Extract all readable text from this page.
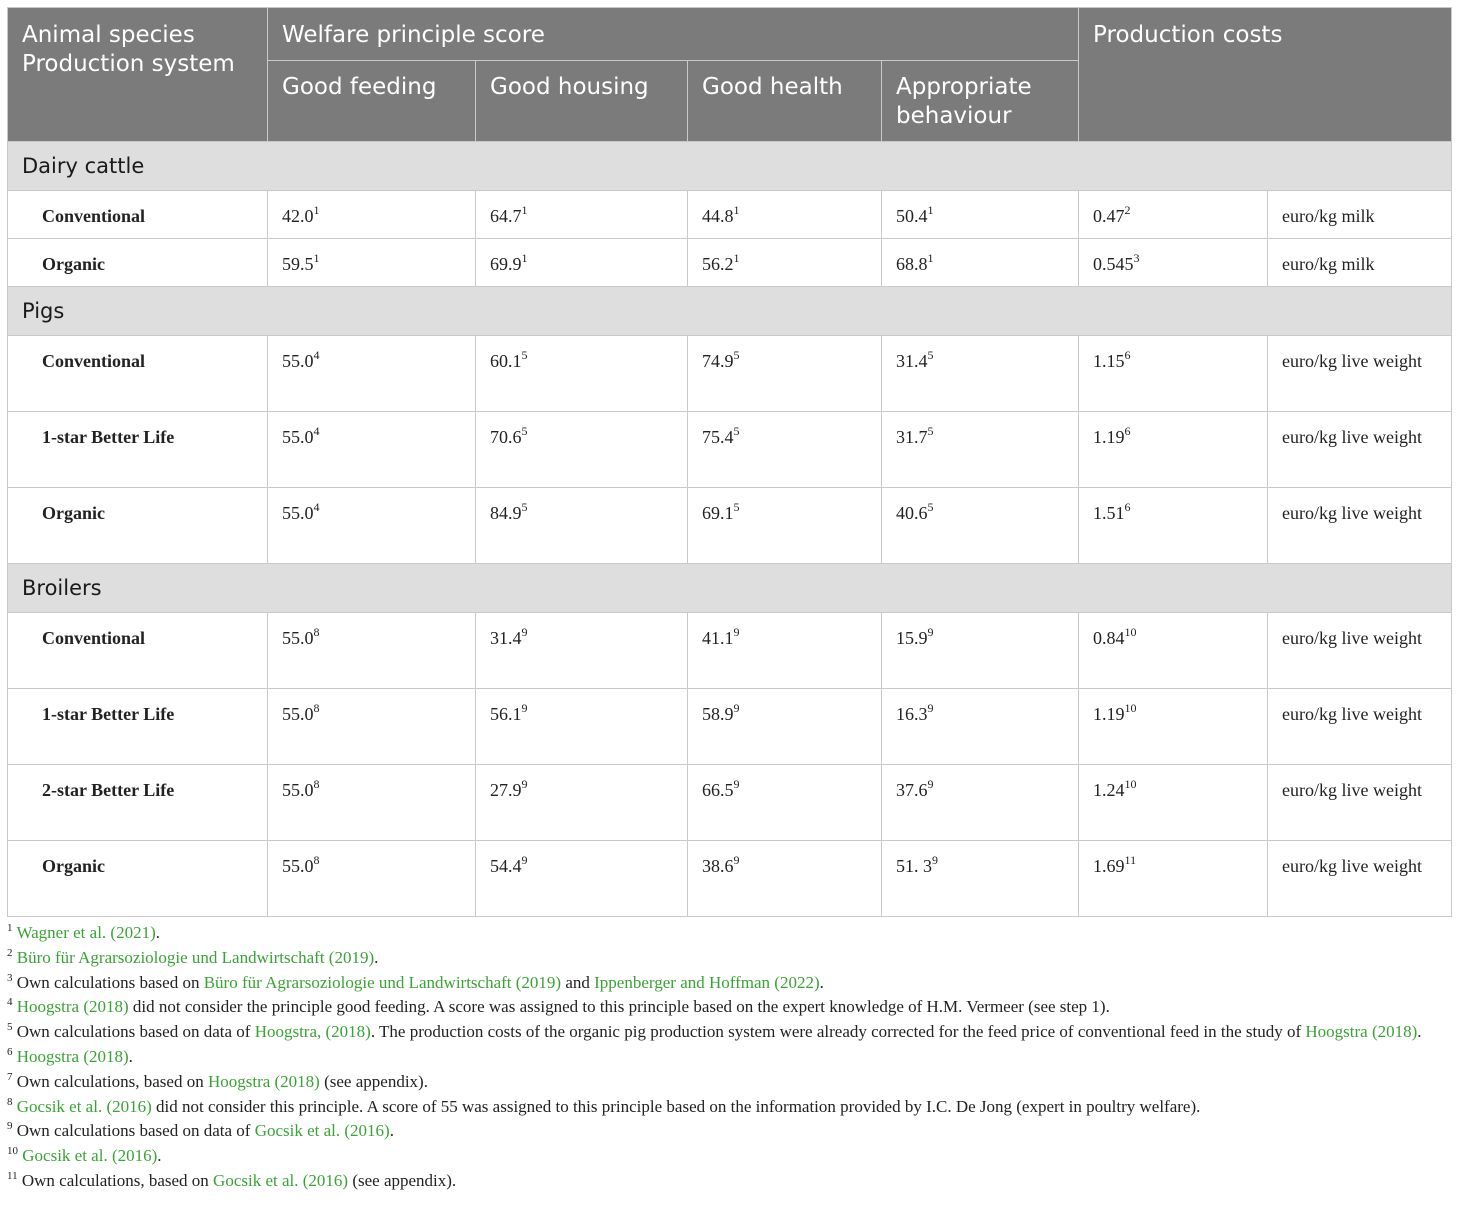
Animal species
Production system	Welfare principle score				Production costs	
	Good feeding	Good housing	Good health	Appropriate behaviour		
Dairy cattle						
Conventional	42.0$^1$	64.7$^1$	44.8$^1$	50.4$^1$	0.47$^2$	euro/kg milk
Organic	59.5$^1$	69.9$^1$	56.2$^1$	68.8$^1$	0.545$^3$	euro/kg milk
Pigs						
Conventional	55.0$^4$	60.1$^5$	74.9$^5$	31.4$^5$	1.15$^6$	euro/kg live weight
1-star Better Life	55.0$^4$	70.6$^5$	75.4$^5$	31.7$^5$	1.19$^6$	euro/kg live weight
Organic	55.0$^4$	84.9$^5$	69.1$^5$	40.6$^5$	1.51$^6$	euro/kg live weight
Broilers						
Conventional	55.0$^8$	31.4$^9$	41.1$^9$	15.9$^9$	0.84$^{10}$	euro/kg live weight
1-star Better Life	55.0$^8$	56.1$^9$	58.9$^9$	16.3$^9$	1.19$^{10}$	euro/kg live weight
2-star Better Life	55.0$^8$	27.9$^9$	66.5$^9$	37.6$^9$	1.24$^{10}$	euro/kg live weight
Organic	55.0$^8$	54.4$^9$	38.6$^9$	51. $3^9$	1.69$^{11}$	euro/kg live weight
$^1$ Wagner et al. (2021).
$^2$ Büro für Agrarsoziologie und Landwirtschaft (2019).
$^3$ Own calculations based on Büro für Agrarsoziologie und Landwirtschaft (2019) and Ippenberger and Hoffman (2022).
$^4$ Hoogstra (2018) did not consider the principle good feeding. A score was assigned to this principle based on the expert knowledge of H.M. Vermeer (see step 1).
$^5$ Own calculations based on data of Hoogstra, (2018). The production costs of the organic pig production system were already corrected for the feed price of conventional feed in the study of Hoogstra (2018).
$^6$ Hoogstra (2018).
$^7$ Own calculations, based on Hoogstra (2018) (see appendix).
$^8$ Gocsik et al. (2016) did not consider this principle. A score of 55 was assigned to this principle based on the information provided by I.C. De Jong (expert in poultry welfare).
$^9$ Own calculations based on data of Gocsik et al. (2016).
$^{10}$ Gocsik et al. (2016).
$^{11}$ Own calculations, based on Gocsik et al. (2016) (see appendix).
